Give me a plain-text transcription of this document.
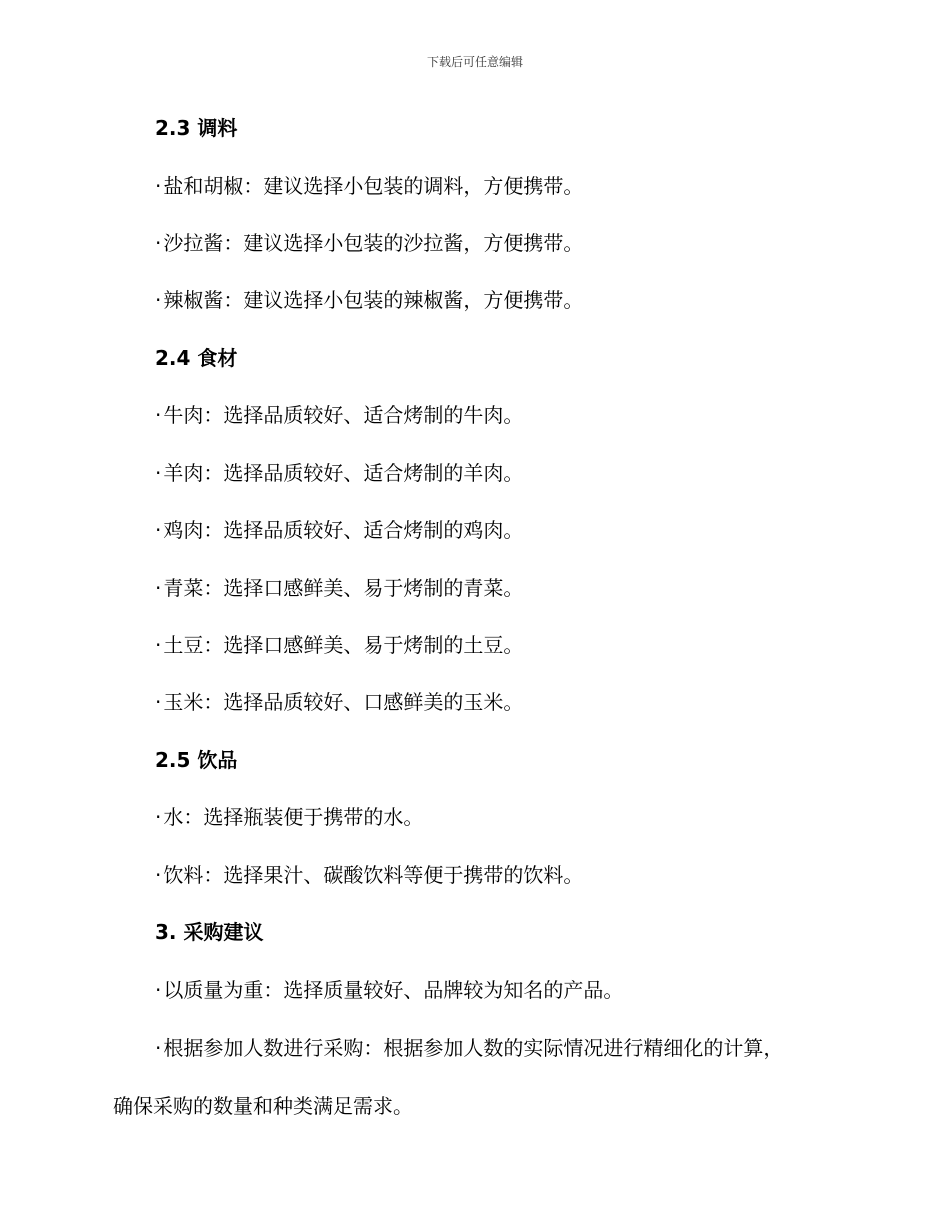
下载后可任意编辑
2.3 调料
· 盐和胡椒：建议选择小包装的调料，方便携带。
· 沙拉酱：建议选择小包装的沙拉酱，方便携带。
· 辣椒酱：建议选择小包装的辣椒酱，方便携带。
2.4 食材
· 牛肉：选择品质较好、适合烤制的牛肉。
· 羊肉：选择品质较好、适合烤制的羊肉。
· 鸡肉：选择品质较好、适合烤制的鸡肉。
· 青菜：选择口感鲜美、易于烤制的青菜。
· 土豆：选择口感鲜美、易于烤制的土豆。
· 玉米：选择品质较好、口感鲜美的玉米。
2.5 饮品
· 水：选择瓶装便于携带的水。
· 饮料：选择果汁、碳酸饮料等便于携带的饮料。
3. 采购建议
· 以质量为重：选择质量较好、品牌较为知名的产品。
· 根据参加人数进行采购：根据参加人数的实际情况进行精细化的计算，确保采购的数量和种类满足需求。
